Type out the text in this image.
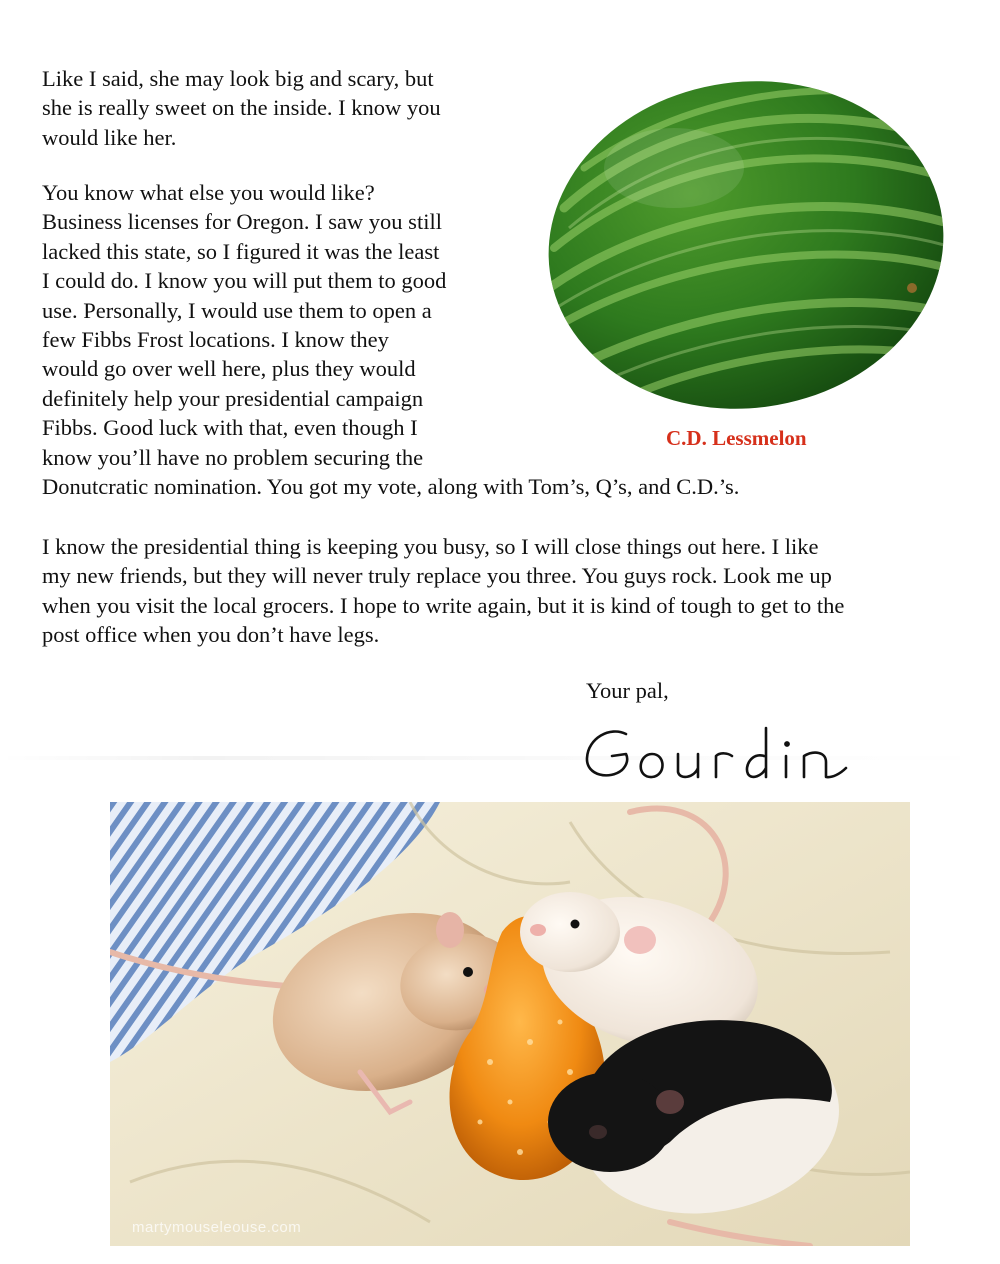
Like I said, she may look big and scary, but
she is really sweet on the inside. I know you
would like her.
You know what else you would like?
Business licenses for Oregon. I saw you still
lacked this state, so I figured it was the least
I could do. I know you will put them to good
use. Personally, I would use them to open a
few Fibbs Frost locations. I know they
would go over well here, plus they would
definitely help your presidential campaign
Fibbs. Good luck with that, even though I
know you’ll have no problem securing the
Donutcratic nomination. You got my vote, along with Tom’s, Q’s, and C.D.’s.
C.D. Lessmelon
I know the presidential thing is keeping you busy, so I will close things out here. I like
my new friends, but they will never truly replace you three. You guys rock. Look me up
when you visit the local grocers. I hope to write again, but it is kind of tough to get to the
post office when you don’t have legs.
Your pal,
martymouseleouse.com
